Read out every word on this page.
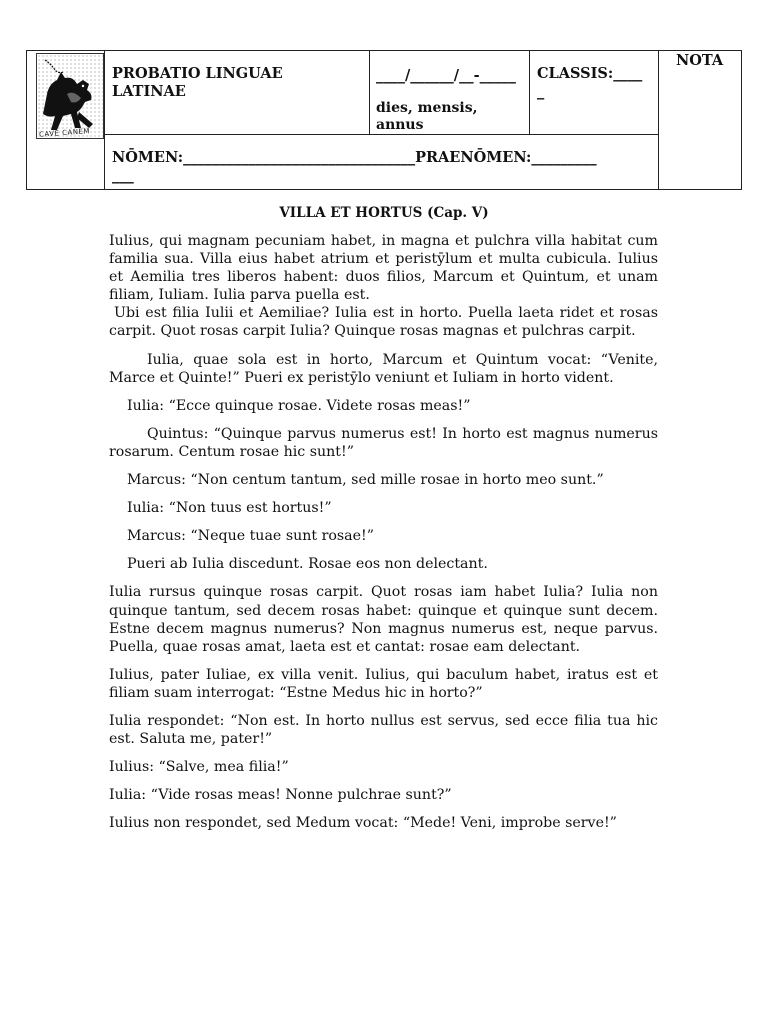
CAVE CANEM

PROBATIO LINGUAE
LATINAE

____/______/__-_____

dies, mensis, annus

CLASSIS:____
_

NOTA

NŌMEN:________________________________PRAENŌMEN:_________
___

VILLA ET HORTUS (Cap. V)

Iulius, qui magnam pecuniam habet, in magna et pulchra villa habitat cum familia sua. Villa eius habet atrium et peristȳlum et multa cubicula. Iulius et Aemilia tres liberos habent: duos filios, Marcum et Quintum, et unam filiam, Iuliam. Iulia parva puella est.

Ubi est filia Iulii et Aemiliae? Iulia est in horto. Puella laeta ridet et rosas carpit. Quot rosas carpit Iulia? Quinque rosas magnas et pulchras carpit.

Iulia, quae sola est in horto, Marcum et Quintum vocat: “Venite, Marce et Quinte!” Pueri ex peristȳlo veniunt et Iuliam in horto vident.

Iulia: “Ecce quinque rosae. Videte rosas meas!”

Quintus: “Quinque parvus numerus est! In horto est magnus numerus rosarum. Centum rosae hic sunt!”

Marcus: “Non centum tantum, sed mille rosae in horto meo sunt.”

Iulia: “Non tuus est hortus!”

Marcus: “Neque tuae sunt rosae!”

Pueri ab Iulia discedunt. Rosae eos non delectant.

Iulia rursus quinque rosas carpit. Quot rosas iam habet Iulia? Iulia non quinque tantum, sed decem rosas habet: quinque et quinque sunt decem. Estne decem magnus numerus? Non magnus numerus est, neque parvus. Puella, quae rosas amat, laeta est et cantat: rosae eam delectant.

Iulius, pater Iuliae, ex villa venit. Iulius, qui baculum habet, iratus est et filiam suam interrogat: “Estne Medus hic in horto?”

Iulia respondet: “Non est. In horto nullus est servus, sed ecce filia tua hic est. Saluta me, pater!”

Iulius: “Salve, mea filia!”

Iulia: “Vide rosas meas! Nonne pulchrae sunt?”

Iulius non respondet, sed Medum vocat: “Mede! Veni, improbe serve!”
